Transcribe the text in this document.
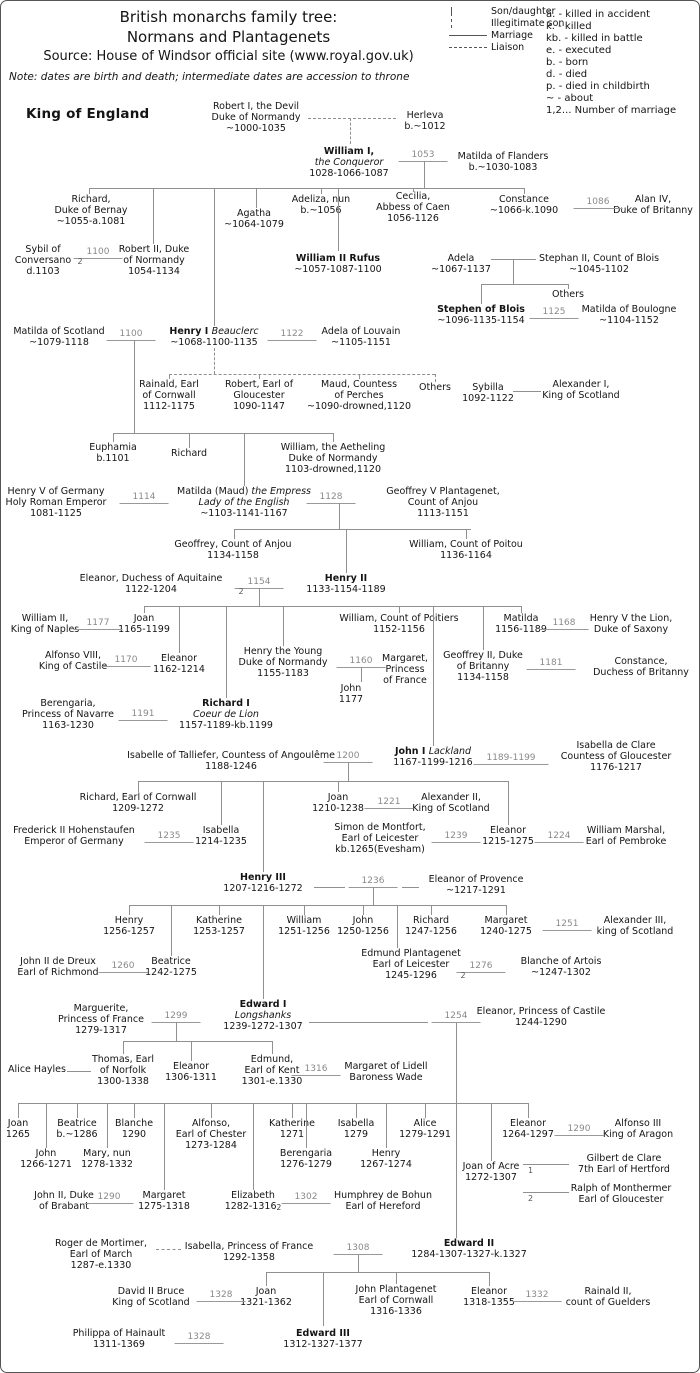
British monarchs family tree:
Normans and Plantagenets
Source: House of Windsor official site (www.royal.gov.uk)
Note: dates are birth and death; intermediate dates are accession to throne
Son/daughter
Illegitimate son
Marriage
Liaison
a. - killed in accident
k. - killed
kb. - killed in battle
e. - executed
b. - born
d. - died
p. - died in childbirth
~ - about
1,2... Number of marriage
King of England	Robert I, the Devil
Duke of Normandy
~1000-1035
Herleva
b.~1012
William I,
the Conqueror
1028-1066-1087
Matilda of Flanders
b.~1030-1083
Richard,
Duke of Bernay
~1055-a.1081
Agatha
~1064-1079
Adeliza, nun
b.~1056
Cecilia,
Abbess of Caen
1056-1126
Constance
~1066-k.1090
Alan IV,
Duke of Britanny
Sybil of
Conversano
d.1103
Robert II, Duke
of Normandy
1054-1134
William II Rufus
~1057-1087-1100
Adela
~1067-1137
Stephan II, Count of Blois
~1045-1102
Others
Stephen of Blois
~1096-1135-1154
Matilda of Boulogne
~1104-1152
Matilda of Scotland
~1079-1118
Henry I Beauclerc
~1068-1100-1135
Adela of Louvain
~1105-1151
Rainald, Earl
of Cornwall
1112-1175
Robert, Earl of
Gloucester
1090-1147
Maud, Countess
of Perches
~1090-drowned,1120
Others	Sybilla
1092-1122
Alexander I,
King of Scotland
Euphamia
b.1101	Richard
William, the Aetheling
Duke of Normandy
1103-drowned,1120
Henry V of Germany
Holy Roman Emperor
1081-1125
Matilda (Maud) the Empress
Lady of the English
~1103-1141-1167
Geoffrey V Plantagenet,
Count of Anjou
1113-1151
Geoffrey, Count of Anjou
1134-1158
William, Count of Poitou
1136-1164
Eleanor, Duchess of Aquitaine
1122-1204
Henry II
1133-1154-1189
William II,
King of Naples
Joan
1165-1199
William, Count of Poitiers
1152-1156
Matilda
1156-1189
Henry V the Lion,
Duke of Saxony
Alfonso VIII,
King of Castile
Eleanor
1162-1214
Henry the Young
Duke of Normandy
1155-1183
Margaret,
Princess
of France
Geoffrey II, Duke
of Britanny
1134-1158
Constance,
Duchess of Britanny
John
1177
Berengaria,
Princess of Navarre
1163-1230
Richard I
Coeur de Lion
1157-1189-kb.1199
Isabelle of Talliefer, Countess of Angoulême
1188-1246
John I Lackland
1167-1199-1216
Isabella de Clare
Countess of Gloucester
1176-1217
Richard, Earl of Cornwall
1209-1272
Joan
1210-1238
Alexander II,
King of Scotland
Frederick II Hohenstaufen
Emperor of Germany
Isabella
1214-1235
Simon de Montfort,
Earl of Leicester
kb.1265(Evesham)
Eleanor
1215-1275
William Marshal,
Earl of Pembroke
Henry III
1207-1216-1272
Eleanor of Provence
~1217-1291
Henry
1256-1257
Katherine
1253-1257
William
1251-1256
John
1250-1256
Richard
1247-1256
Margaret
1240-1275
Alexander III,
king of Scotland
John II de Dreux
Earl of Richmond
Beatrice
1242-1275
Edmund Plantagenet
Earl of Leicester
1245-1296
Blanche of Artois
~1247-1302
Marguerite,
Princess of France
1279-1317
Edward I
Longshanks
1239-1272-1307
Eleanor, Princess of Castile
1244-1290
Alice Hayles
Thomas, Earl
of Norfolk
1300-1338
Eleanor
1306-1311
Edmund,
Earl of Kent
1301-e.1330
Margaret of Lidell
Baroness Wade
Joan
1265
Beatrice
b.~1286
Blanche
1290
Alfonso,
Earl of Chester
1273-1284
Katherine
1271
Isabella
1279
Alice
1279-1291
Eleanor
1264-1297
Alfonso III
King of Aragon
John
1266-1271
Mary, nun
1278-1332
Berengaria
1276-1279
Henry
1267-1274	Joan of Acre
1272-1307
Gilbert de Clare
7th Earl of Hertford
Ralph of Monthermer
Earl of Gloucester
John II, Duke
of Brabant
Margaret
1275-1318
Elizabeth
1282-13162
Humphrey de Bohun
Earl of Hereford
Roger de Mortimer,
Earl of March
1287-e.1330
Isabella, Princess of France
1292-1358
Edward II
1284-1307-1327-k.1327
David II Bruce
King of Scotland
Joan
1321-1362
John Plantagenet
Earl of Cornwall
1316-1336
Eleanor
1318-1355
Rainald II,
count of Guelders
Philippa of Hainault
1311-1369
Edward III
1312-1327-1377
1053
1086
1100
2
1125
1100	1122
1114	1128
1154
2
1177	1168
1170	1160	1181
1191
1200	1189-1199
1221
1235	1239	1224
1236
1251
1260	1276
2
1299	1254
1316
1290
1290	1302
1308
1328	1332
1328
1
2
